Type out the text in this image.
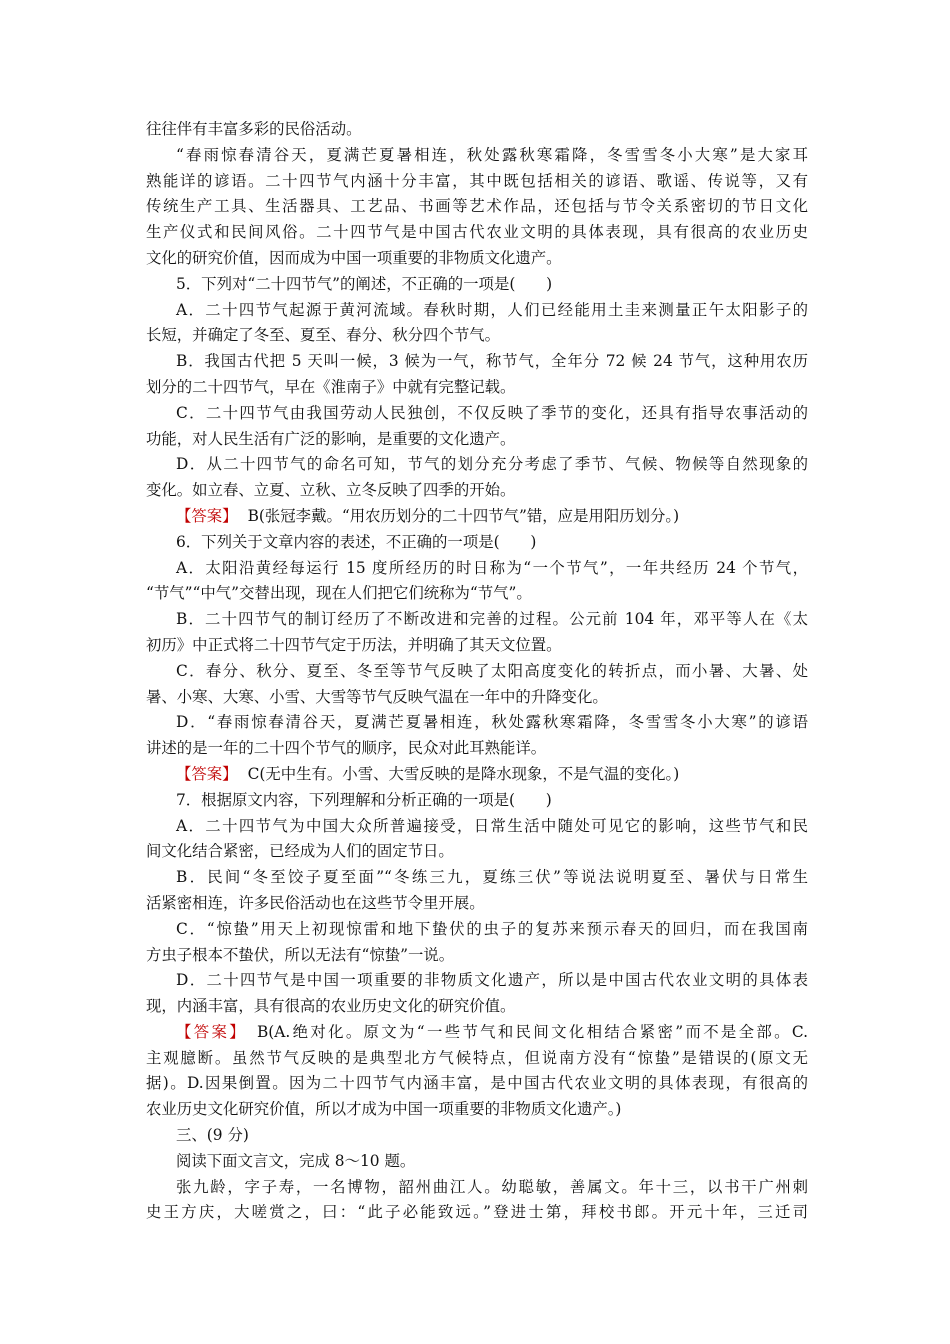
往往伴有丰富多彩的民俗活动。
“春雨惊春清谷天，夏满芒夏暑相连，秋处露秋寒霜降，冬雪雪冬小大寒”是大家耳
熟能详的谚语。二十四节气内涵十分丰富，其中既包括相关的谚语、歌谣、传说等，又有
传统生产工具、生活器具、工艺品、书画等艺术作品，还包括与节令关系密切的节日文化
生产仪式和民间风俗。二十四节气是中国古代农业文明的具体表现，具有很高的农业历史
文化的研究价值，因而成为中国一项重要的非物质文化遗产。
5．下列对“二十四节气”的阐述，不正确的一项是(　　)
A．二十四节气起源于黄河流域。春秋时期，人们已经能用土圭来测量正午太阳影子的
长短，并确定了冬至、夏至、春分、秋分四个节气。
B．我国古代把 5 天叫一候，3 候为一气，称节气，全年分 72 候 24 节气，这种用农历
划分的二十四节气，早在《淮南子》中就有完整记载。
C．二十四节气由我国劳动人民独创，不仅反映了季节的变化，还具有指导农事活动的
功能，对人民生活有广泛的影响，是重要的文化遗产。
D．从二十四节气的命名可知，节气的划分充分考虑了季节、气候、物候等自然现象的
变化。如立春、立夏、立秋、立冬反映了四季的开始。
【答案】 B(张冠李戴。“用农历划分的二十四节气”错，应是用阳历划分。)
6．下列关于文章内容的表述，不正确的一项是(　　)
A．太阳沿黄经每运行 15 度所经历的时日称为“一个节气”，一年共经历 24 个节气，
“节气”“中气”交替出现，现在人们把它们统称为“节气”。
B．二十四节气的制订经历了不断改进和完善的过程。公元前 104 年，邓平等人在《太
初历》中正式将二十四节气定于历法，并明确了其天文位置。
C．春分、秋分、夏至、冬至等节气反映了太阳高度变化的转折点，而小暑、大暑、处
暑、小寒、大寒、小雪、大雪等节气反映气温在一年中的升降变化。
D．“春雨惊春清谷天，夏满芒夏暑相连，秋处露秋寒霜降，冬雪雪冬小大寒”的谚语
讲述的是一年的二十四个节气的顺序，民众对此耳熟能详。
【答案】 C(无中生有。小雪、大雪反映的是降水现象，不是气温的变化。)
7．根据原文内容，下列理解和分析正确的一项是(　　)
A．二十四节气为中国大众所普遍接受，日常生活中随处可见它的影响，这些节气和民
间文化结合紧密，已经成为人们的固定节日。
B．民间“冬至饺子夏至面”“冬练三九，夏练三伏”等说法说明夏至、暑伏与日常生
活紧密相连，许多民俗活动也在这些节令里开展。
C．“惊蛰”用天上初现惊雷和地下蛰伏的虫子的复苏来预示春天的回归，而在我国南
方虫子根本不蛰伏，所以无法有“惊蛰”一说。
D．二十四节气是中国一项重要的非物质文化遗产，所以是中国古代农业文明的具体表
现，内涵丰富，具有很高的农业历史文化的研究价值。
【答案】 B(A.绝对化。原文为“一些节气和民间文化相结合紧密”而不是全部。C.
主观臆断。虽然节气反映的是典型北方气候特点，但说南方没有“惊蛰”是错误的(原文无
据)。D.因果倒置。因为二十四节气内涵丰富，是中国古代农业文明的具体表现，有很高的
农业历史文化研究价值，所以才成为中国一项重要的非物质文化遗产。)
三、(9 分)
阅读下面文言文，完成 8～10 题。
张九龄，字子寿，一名博物，韶州曲江人。幼聪敏，善属文。年十三，以书干广州刺
史王方庆，大嗟赏之，曰：“此子必能致远。”登进士第，拜校书郎。开元十年，三迁司
